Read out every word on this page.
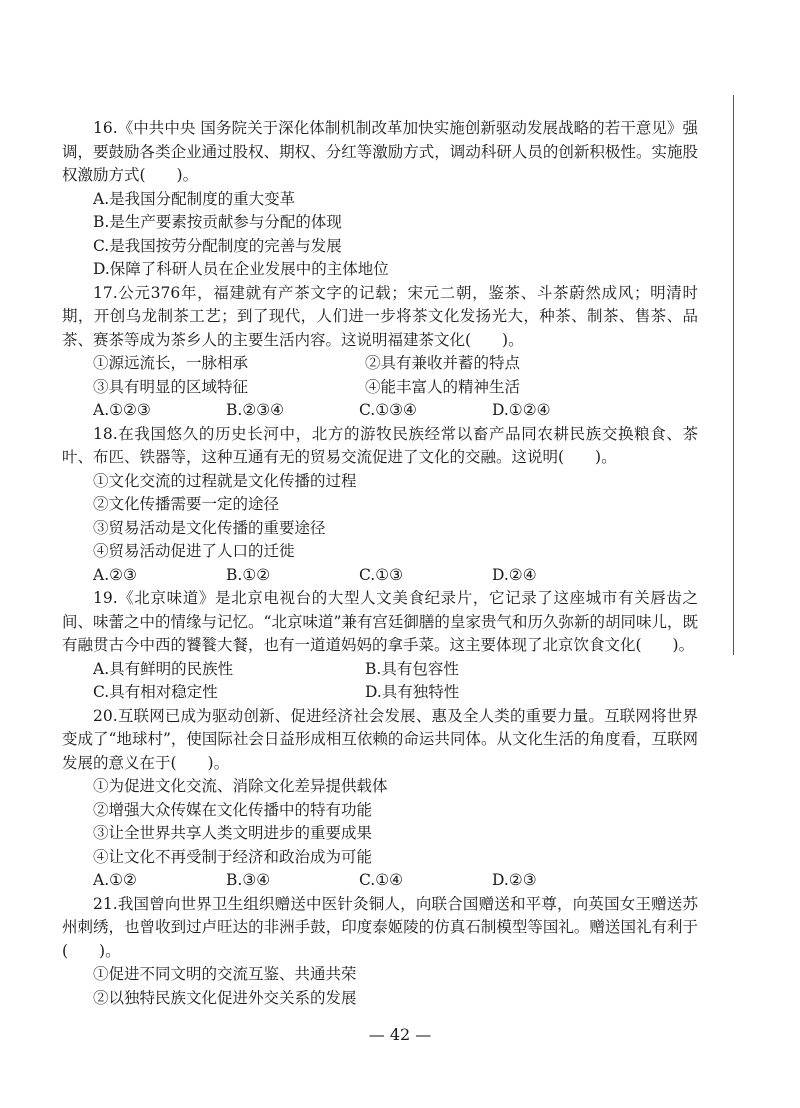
16.《中共中央 国务院关于深化体制机制改革加快实施创新驱动发展战略的若干意见》强调，要鼓励各类企业通过股权、期权、分红等激励方式，调动科研人员的创新积极性。实施股权激励方式(　　)。
A.是我国分配制度的重大变革
B.是生产要素按贡献参与分配的体现
C.是我国按劳分配制度的完善与发展
D.保障了科研人员在企业发展中的主体地位
17.公元376年，福建就有产茶文字的记载；宋元二朝，鉴茶、斗茶蔚然成风；明清时期，开创乌龙制茶工艺；到了现代，人们进一步将茶文化发扬光大，种茶、制茶、售茶、品茶、赛茶等成为茶乡人的主要生活内容。这说明福建茶文化(　　)。
①源远流长，一脉相承	②具有兼收并蓄的特点
③具有明显的区域特征	④能丰富人的精神生活
A.①②③	B.②③④	C.①③④	D.①②④
18.在我国悠久的历史长河中，北方的游牧民族经常以畜产品同农耕民族交换粮食、茶叶、布匹、铁器等，这种互通有无的贸易交流促进了文化的交融。这说明(　　)。
①文化交流的过程就是文化传播的过程
②文化传播需要一定的途径
③贸易活动是文化传播的重要途径
④贸易活动促进了人口的迁徙
A.②③	B.①②	C.①③	D.②④
19.《北京味道》是北京电视台的大型人文美食纪录片，它记录了这座城市有关唇齿之间、味蕾之中的情缘与记忆。“北京味道”兼有宫廷御膳的皇家贵气和历久弥新的胡同味儿，既有融贯古今中西的饕餮大餐，也有一道道妈妈的拿手菜。这主要体现了北京饮食文化(　　)。
A.具有鲜明的民族性	B.具有包容性
C.具有相对稳定性	D.具有独特性
20.互联网已成为驱动创新、促进经济社会发展、惠及全人类的重要力量。互联网将世界变成了“地球村”，使国际社会日益形成相互依赖的命运共同体。从文化生活的角度看，互联网发展的意义在于(　　)。
①为促进文化交流、消除文化差异提供载体
②增强大众传媒在文化传播中的特有功能
③让全世界共享人类文明进步的重要成果
④让文化不再受制于经济和政治成为可能
A.①②	B.③④	C.①④	D.②③
21.我国曾向世界卫生组织赠送中医针灸铜人，向联合国赠送和平尊，向英国女王赠送苏州刺绣，也曾收到过卢旺达的非洲手鼓，印度泰姬陵的仿真石制模型等国礼。赠送国礼有利于(　　)。
①促进不同文明的交流互鉴、共通共荣
②以独特民族文化促进外交关系的发展
— 42 —
